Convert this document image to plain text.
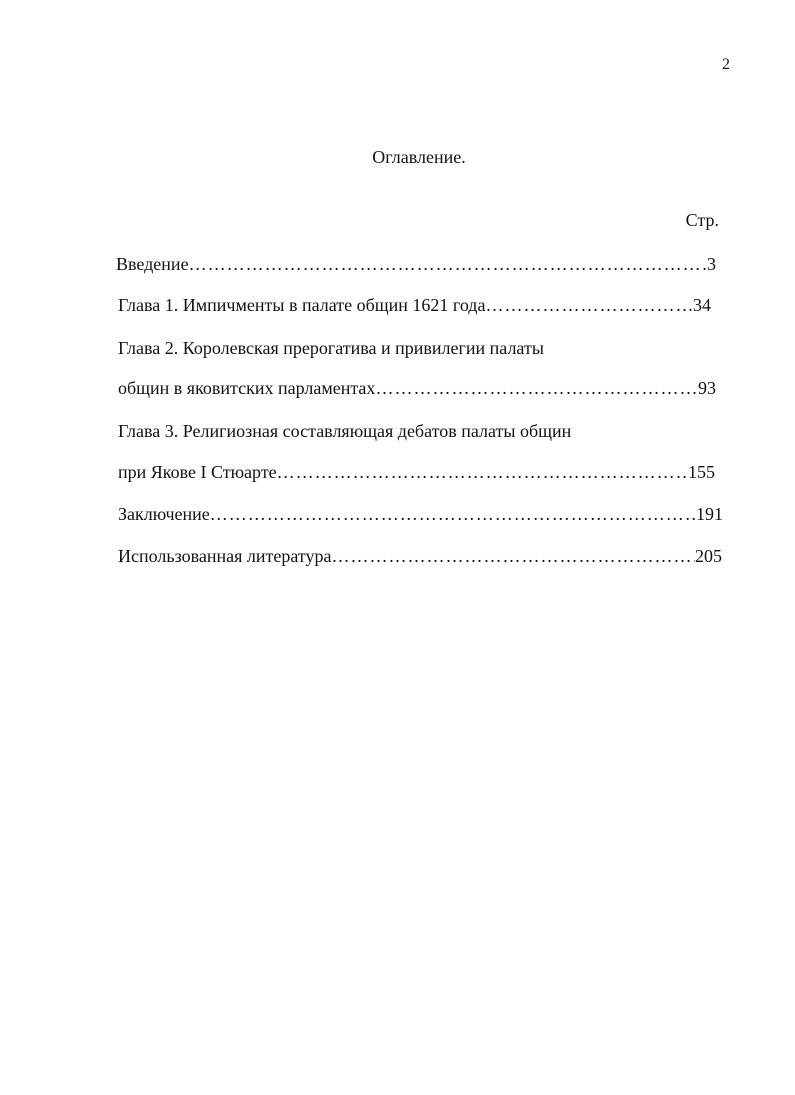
2
Оглавление.
Стр.
Введение ……………………………………………………………………………………………………………………………………………………………………	3
Глава 1. Импичменты в палате общин 1621 года ……………………………………………………………………………………………………………………………………………………………………	34
Глава 2. Королевская прерогатива и привилегии палаты
общин в яковитских парламентах ……………………………………………………………………………………………………………………………………………………………………	93
Глава 3. Религиозная составляющая дебатов палаты общин
при Якове I Стюарте ……………………………………………………………………………………………………………………………………………………………………	155
Заключение ……………………………………………………………………………………………………………………………………………………………………	191
Использованная литература ……………………………………………………………………………………………………………………………………………………………………	205
